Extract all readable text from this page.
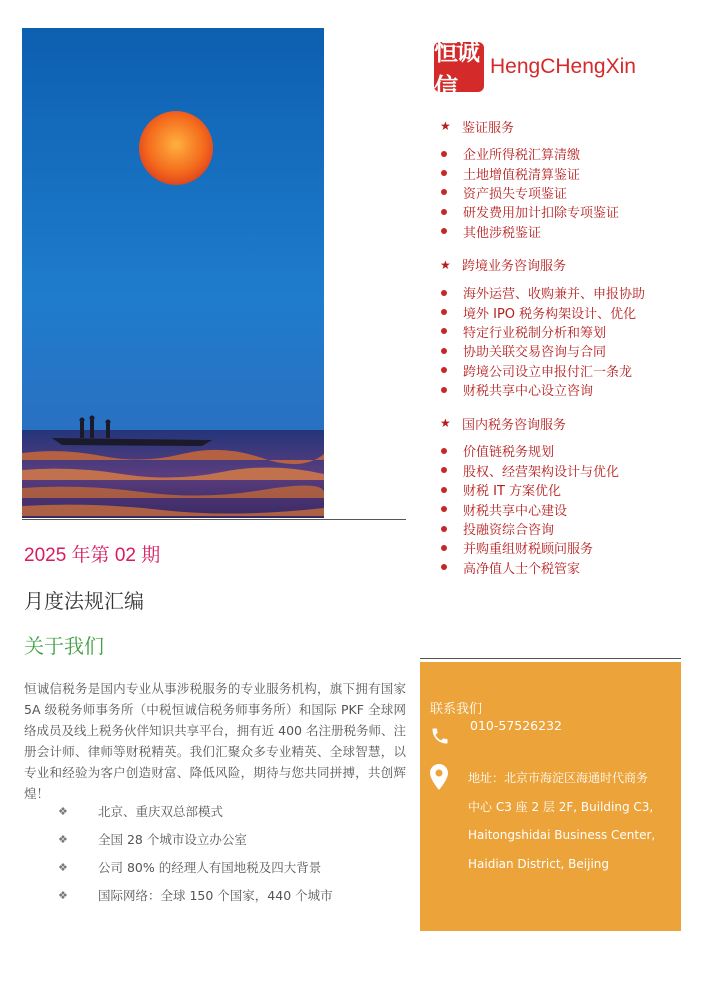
恒诚信
HengCHengXin
★ 鉴证服务
企业所得税汇算清缴
土地增值税清算鉴证
资产损失专项鉴证
研发费用加计扣除专项鉴证
其他涉税鉴证
★ 跨境业务咨询服务
海外运营、收购兼并、申报协助
境外 IPO 税务构架设计、优化
特定行业税制分析和筹划
协助关联交易咨询与合同
跨境公司设立申报付汇一条龙
财税共享中心设立咨询
★ 国内税务咨询服务
价值链税务规划
股权、经营架构设计与优化
财税 IT 方案优化
财税共享中心建设
投融资综合咨询
并购重组财税顾问服务
高净值人士个税管家
2025 年第 02 期
月度法规汇编
关于我们
恒诚信税务是国内专业从事涉税服务的专业服务机构，旗下拥有国家 5A 级税务师事务所（中税恒诚信税务师事务所）和国际 PKF 全球网络成员及线上税务伙伴知识共享平台，拥有近 400 名注册税务师、注册会计师、律师等财税精英。我们汇聚众多专业精英、全球智慧，以专业和经验为客户创造财富、降低风险，期待与您共同拼搏，共创辉煌！
❖	北京、重庆双总部模式
❖	全国 28 个城市设立办公室
❖	公司 80% 的经理人有国地税及四大背景
❖	国际网络：全球 150 个国家，440 个城市
联系我们
010-57526232
地址：北京市海淀区海通时代商务
中心 C3 座 2 层 2F, Building C3,
Haitongshidai Business Center,
Haidian District, Beijing
